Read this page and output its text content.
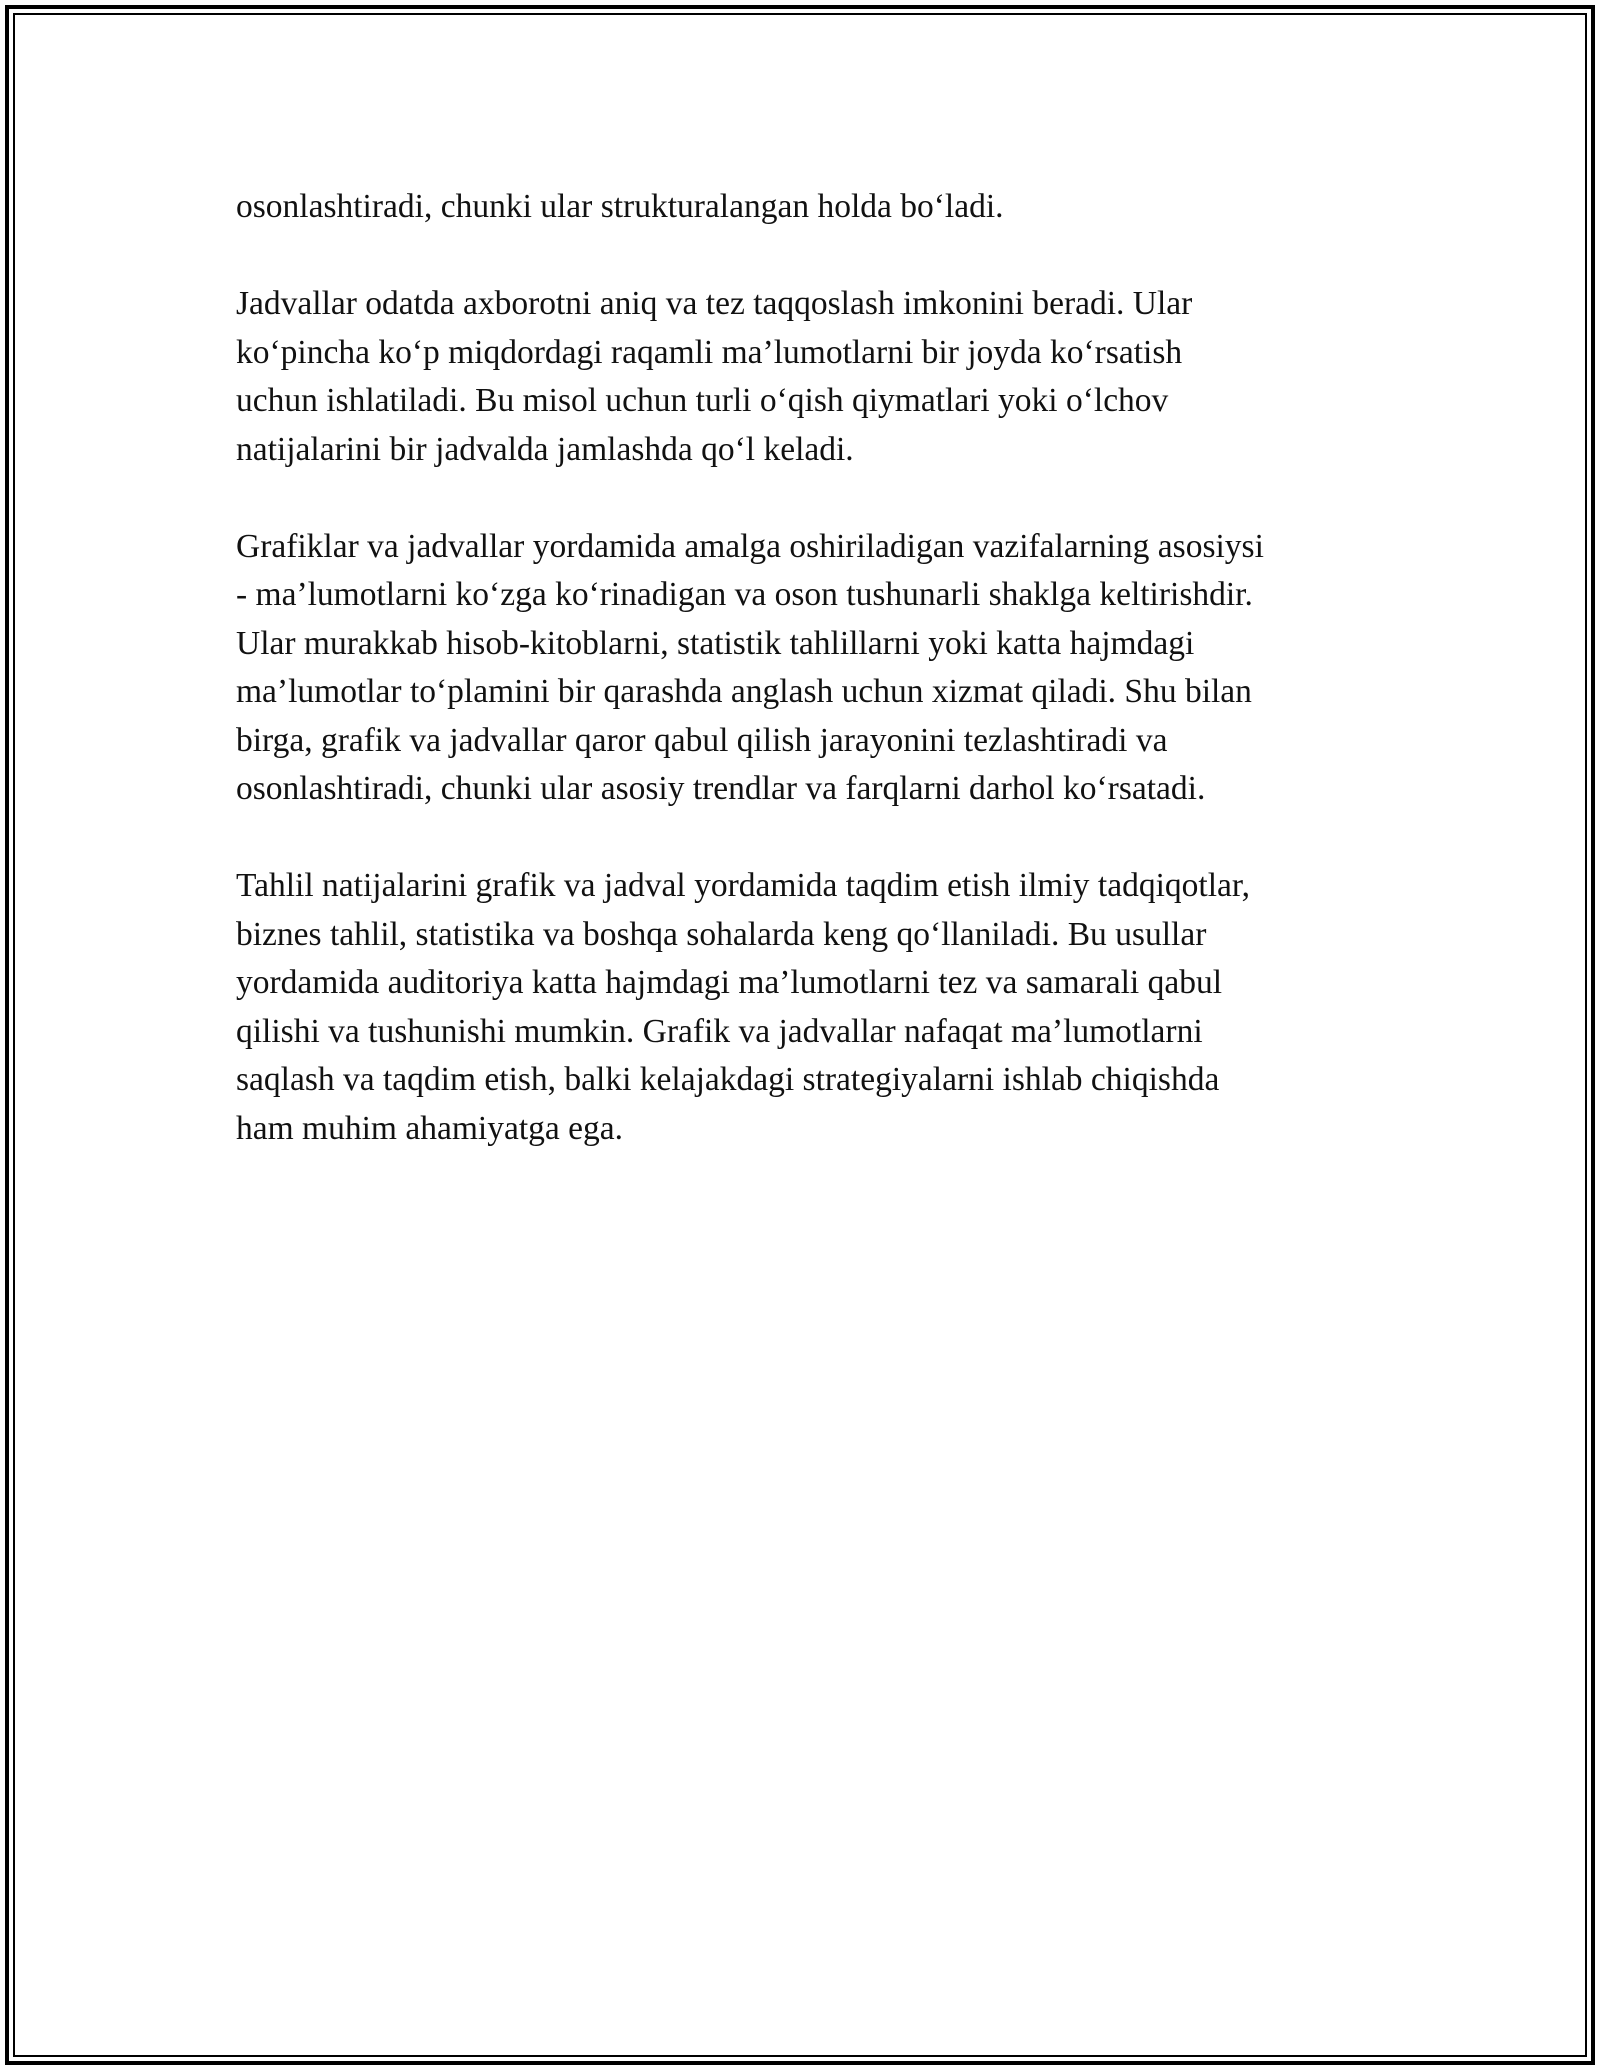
osonlashtiradi, chunki ular strukturalangan holda bo‘ladi.

Jadvallar odatda axborotni aniq va tez taqqoslash imkonini beradi. Ular
ko‘pincha ko‘p miqdordagi raqamli ma’lumotlarni bir joyda ko‘rsatish
uchun ishlatiladi. Bu misol uchun turli o‘qish qiymatlari yoki o‘lchov
natijalarini bir jadvalda jamlashda qo‘l keladi.

Grafiklar va jadvallar yordamida amalga oshiriladigan vazifalarning asosiysi
- ma’lumotlarni ko‘zga ko‘rinadigan va oson tushunarli shaklga keltirishdir.
Ular murakkab hisob-kitoblarni, statistik tahlillarni yoki katta hajmdagi
ma’lumotlar to‘plamini bir qarashda anglash uchun xizmat qiladi. Shu bilan
birga, grafik va jadvallar qaror qabul qilish jarayonini tezlashtiradi va
osonlashtiradi, chunki ular asosiy trendlar va farqlarni darhol ko‘rsatadi.

Tahlil natijalarini grafik va jadval yordamida taqdim etish ilmiy tadqiqotlar,
biznes tahlil, statistika va boshqa sohalarda keng qo‘llaniladi. Bu usullar
yordamida auditoriya katta hajmdagi ma’lumotlarni tez va samarali qabul
qilishi va tushunishi mumkin. Grafik va jadvallar nafaqat ma’lumotlarni
saqlash va taqdim etish, balki kelajakdagi strategiyalarni ishlab chiqishda
ham muhim ahamiyatga ega.
